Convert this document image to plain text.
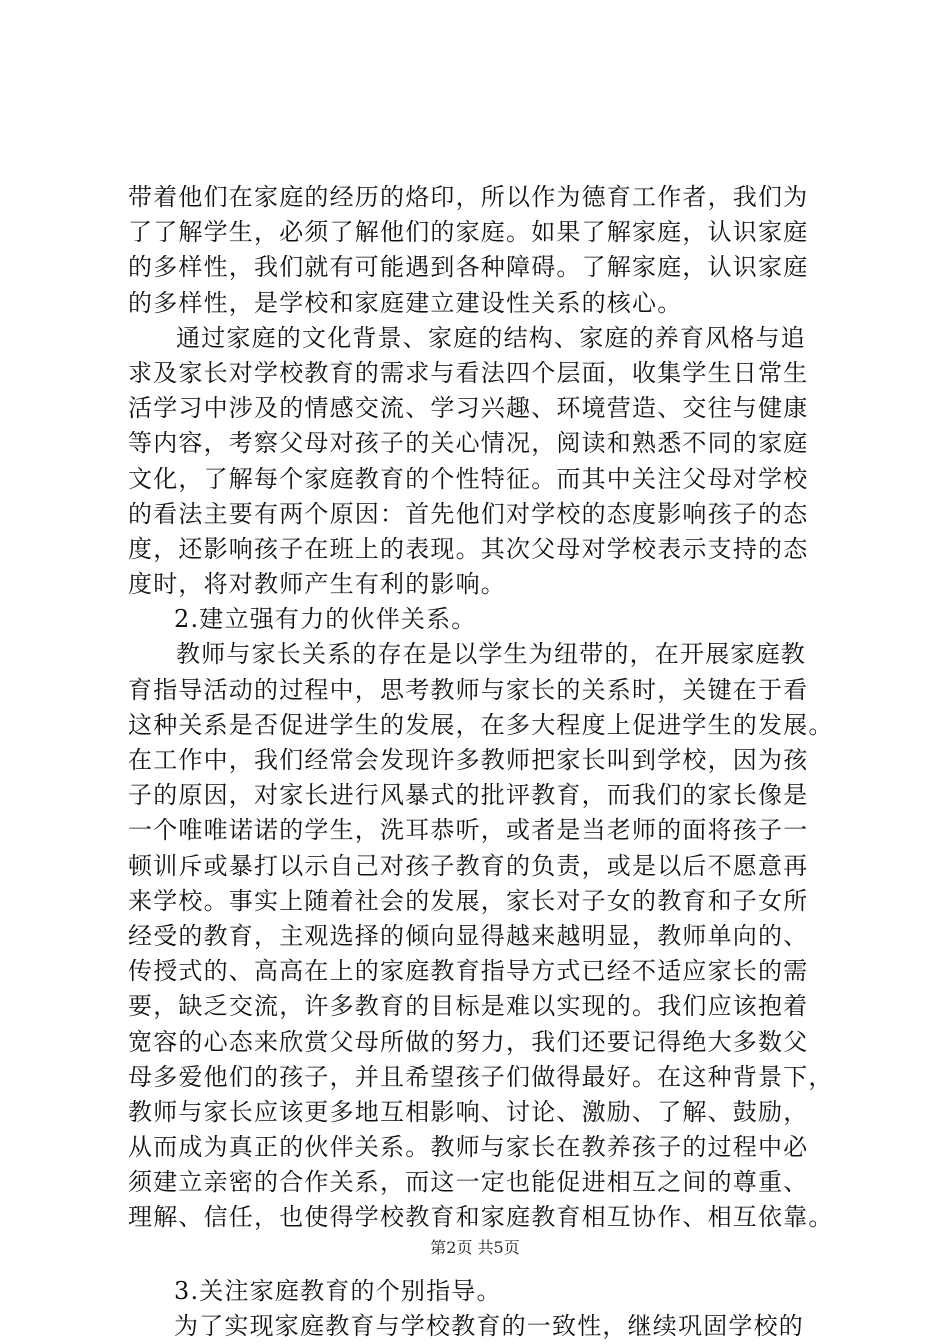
带着他们在家庭的经历的烙印，所以作为德育工作者，我们为
了了解学生，必须了解他们的家庭。如果了解家庭，认识家庭
的多样性，我们就有可能遇到各种障碍。了解家庭，认识家庭
的多样性，是学校和家庭建立建设性关系的核心。
通过家庭的文化背景、家庭的结构、家庭的养育风格与追
求及家长对学校教育的需求与看法四个层面，收集学生日常生
活学习中涉及的情感交流、学习兴趣、环境营造、交往与健康
等内容，考察父母对孩子的关心情况，阅读和熟悉不同的家庭
文化，了解每个家庭教育的个性特征。而其中关注父母对学校
的看法主要有两个原因：首先他们对学校的态度影响孩子的态
度，还影响孩子在班上的表现。其次父母对学校表示支持的态
度时，将对教师产生有利的影响。
2.建立强有力的伙伴关系。
教师与家长关系的存在是以学生为纽带的，在开展家庭教
育指导活动的过程中，思考教师与家长的关系时，关键在于看
这种关系是否促进学生的发展，在多大程度上促进学生的发展。
在工作中，我们经常会发现许多教师把家长叫到学校，因为孩
子的原因，对家长进行风暴式的批评教育，而我们的家长像是
一个唯唯诺诺的学生，洗耳恭听，或者是当老师的面将孩子一
顿训斥或暴打以示自己对孩子教育的负责，或是以后不愿意再
来学校。事实上随着社会的发展，家长对子女的教育和子女所
经受的教育，主观选择的倾向显得越来越明显，教师单向的、
传授式的、高高在上的家庭教育指导方式已经不适应家长的需
要，缺乏交流，许多教育的目标是难以实现的。我们应该抱着
宽容的心态来欣赏父母所做的努力，我们还要记得绝大多数父
母多爱他们的孩子，并且希望孩子们做得最好。在这种背景下，
教师与家长应该更多地互相影响、讨论、激励、了解、鼓励，
从而成为真正的伙伴关系。教师与家长在教养孩子的过程中必
须建立亲密的合作关系，而这一定也能促进相互之间的尊重、
理解、信任，也使得学校教育和家庭教育相互协作、相互依靠。
3.关注家庭教育的个别指导。
为了实现家庭教育与学校教育的一致性，继续巩固学校的
第2页 共5页
